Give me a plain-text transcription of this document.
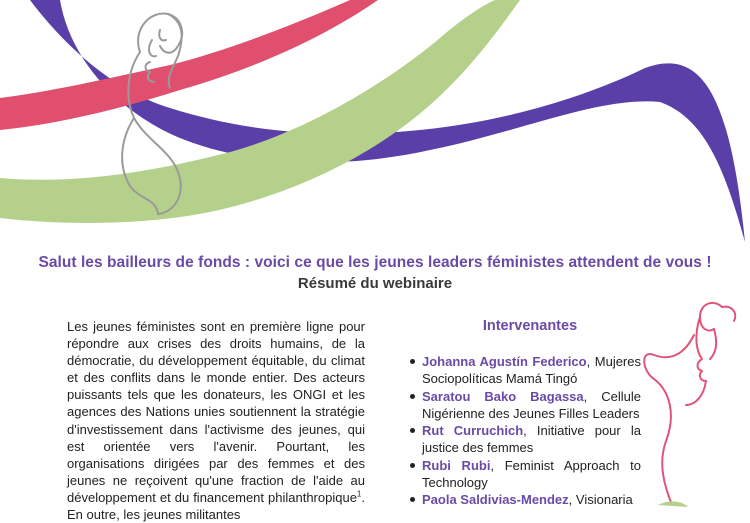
Salut les bailleurs de fonds : voici ce que les jeunes leaders féministes attendent de vous !
Résumé du webinaire

Les jeunes féministes sont en première ligne pour répondre aux crises des droits humains, de la démocratie, du développement équitable, du climat et des conflits dans le monde entier. Des acteurs puissants tels que les donateurs, les ONGI et les agences des Nations unies soutiennent la stratégie d'investissement dans l'activisme des jeunes, qui est orientée vers l'avenir. Pourtant, les organisations dirigées par des femmes et des jeunes ne reçoivent qu'une fraction de l'aide au développement et du financement philanthropique$^1$. En outre, les jeunes militantes

Intervenantes
Johanna Agustín Federico, Mujeres Sociopolíticas Mamá Tingó
Saratou Bako Bagassa, Cellule Nigérienne des Jeunes Filles Leaders
Rut Curruchich, Initiative pour la justice des femmes
Rubi Rubi, Feminist Approach to Technology
Paola Saldivias-Mendez, Visionaria
